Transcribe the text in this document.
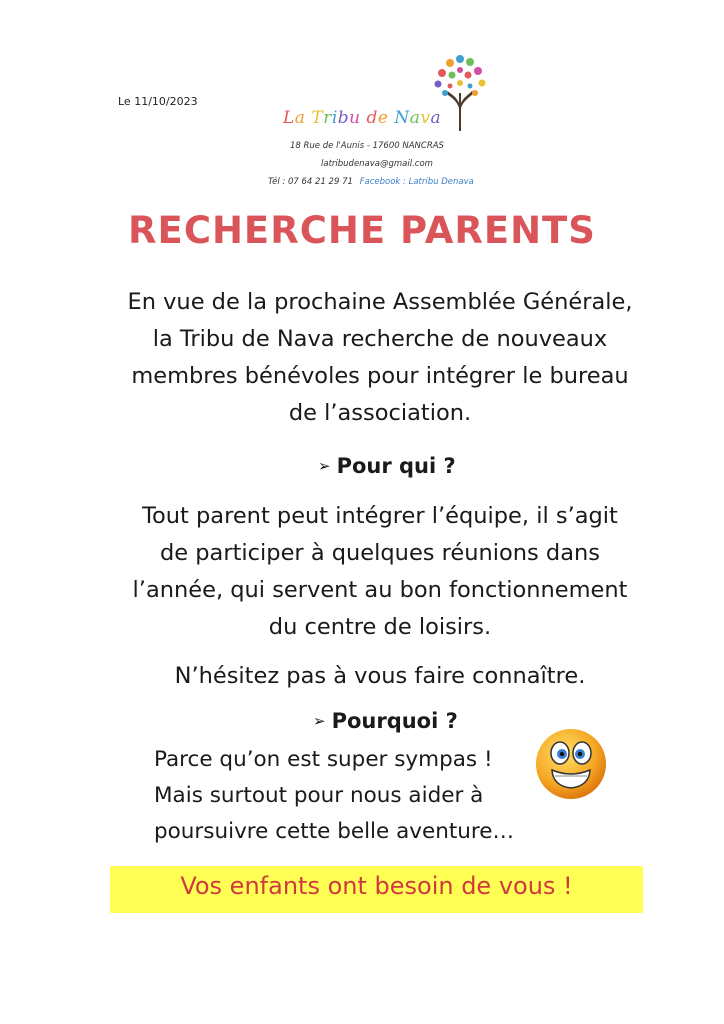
Le 11/10/2023
La Tribu de Nava
18 Rue de l'Aunis - 17600 NANCRAS
latribudenava@gmail.com
Tél : 07 64 21 29 71 Facebook : Latribu Denava
RECHERCHE PARENTS
En vue de la prochaine Assemblée Générale,
la Tribu de Nava recherche de nouveaux
membres bénévoles pour intégrer le bureau
de l’association.
➢ Pour qui ?
Tout parent peut intégrer l’équipe, il s’agit
de participer à quelques réunions dans
l’année, qui servent au bon fonctionnement
du centre de loisirs.
N’hésitez pas à vous faire connaître.
➢ Pourquoi ?
Parce qu’on est super sympas !
Mais surtout pour nous aider à
poursuivre cette belle aventure…
Vos enfants ont besoin de vous !
